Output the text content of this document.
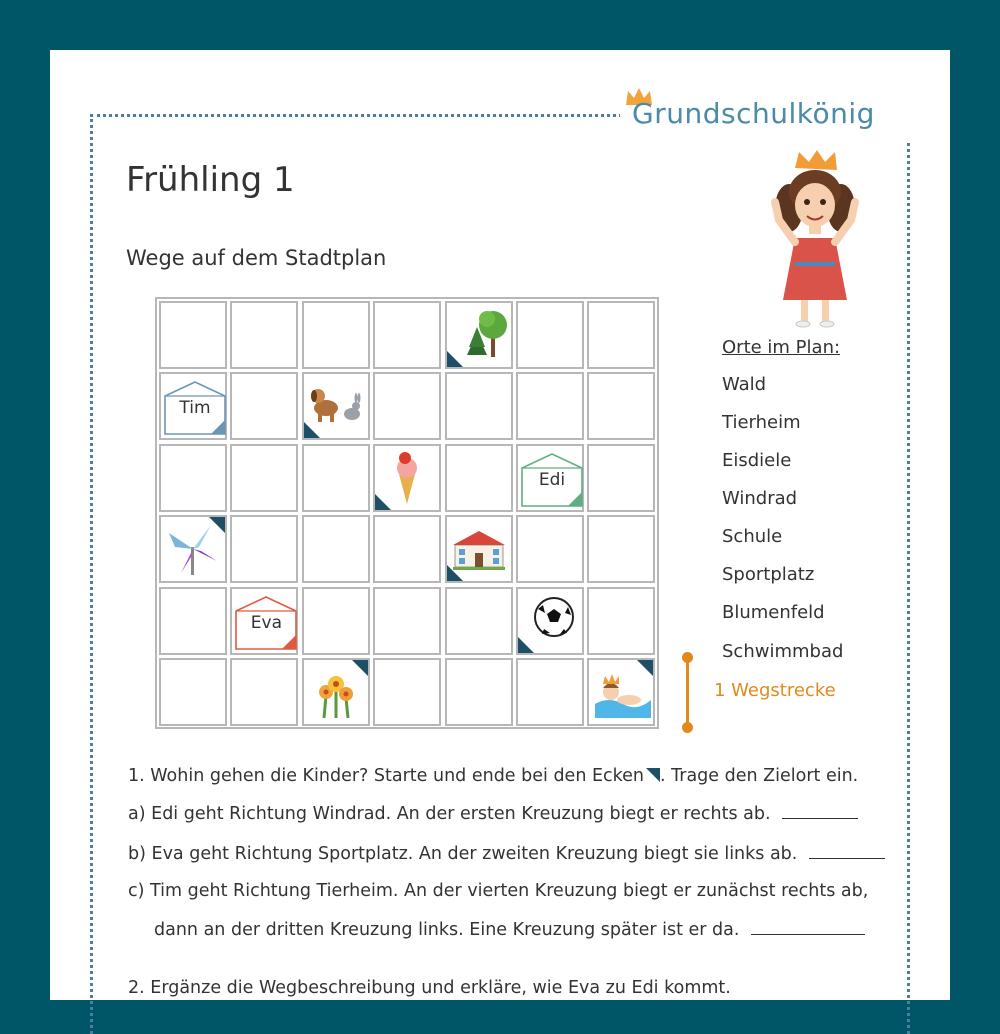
Grundschulkönig
Frühling 1
Wege auf dem Stadtplan
Tim
Edi
Eva
Orte im Plan:
Wald
Tierheim
Eisdiele
Windrad
Schule
Sportplatz
Blumenfeld
Schwimmbad
1 Wegstrecke
1. Wohin gehen die Kinder? Starte und ende bei den Ecken . Trage den Zielort ein.
a) Edi geht Richtung Windrad. An der ersten Kreuzung biegt er rechts ab.
b) Eva geht Richtung Sportplatz. An der zweiten Kreuzung biegt sie links ab.
c) Tim geht Richtung Tierheim. An der vierten Kreuzung biegt er zunächst rechts ab,
dann an der dritten Kreuzung links. Eine Kreuzung später ist er da.
2. Ergänze die Wegbeschreibung und erkläre, wie Eva zu Edi kommt.
